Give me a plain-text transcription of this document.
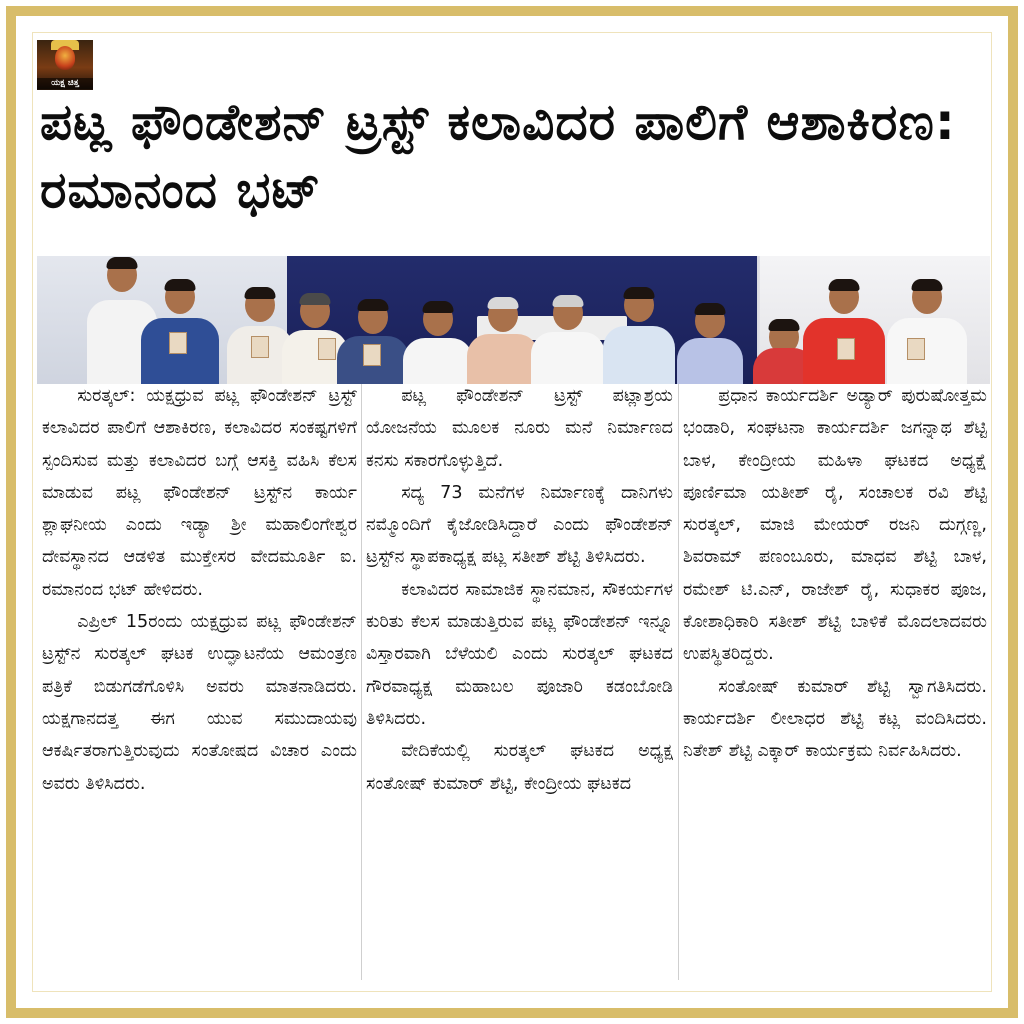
ಯಕ್ಷ ಚಿತ್ತ
ಪಟ್ಲ ಫೌಂಡೇಶನ್ ಟ್ರಸ್ಟ್ ಕಲಾವಿದರ ಪಾಲಿಗೆ ಆಶಾಕಿರಣ: ರಮಾನಂದ ಭಟ್

ಸುರತ್ಕಲ್: ಯಕ್ಷಧ್ರುವ ಪಟ್ಲ ಫೌಂಡೇಶನ್ ಟ್ರಸ್ಟ್ ಕಲಾವಿದರ ಪಾಲಿಗೆ ಆಶಾಕಿರಣ, ಕಲಾವಿದರ ಸಂಕಷ್ಟಗಳಿಗೆ ಸ್ಪಂದಿಸುವ ಮತ್ತು ಕಲಾವಿದರ ಬಗ್ಗೆ ಆಸಕ್ತಿ ವಹಿಸಿ ಕೆಲಸ ಮಾಡುವ ಪಟ್ಲ ಫೌಂಡೇಶನ್ ಟ್ರಸ್ಟ್‌ನ ಕಾರ್ಯ ಶ್ಲಾಘನೀಯ ಎಂದು ಇಡ್ಯಾ ಶ್ರೀ ಮಹಾಲಿಂಗೇಶ್ವರ ದೇವಸ್ಥಾನದ ಆಡಳಿತ ಮುಕ್ತೇಸರ ವೇದಮೂರ್ತಿ ಐ. ರಮಾನಂದ ಭಟ್ ಹೇಳಿದರು.

ಎಪ್ರಿಲ್ 15ರಂದು ಯಕ್ಷಧ್ರುವ ಪಟ್ಲ ಫೌಂಡೇಶನ್ ಟ್ರಸ್ಟ್‌ನ ಸುರತ್ಕಲ್ ಘಟಕ ಉದ್ಘಾಟನೆಯ ಆಮಂತ್ರಣ ಪತ್ರಿಕೆ ಬಿಡುಗಡೆಗೊಳಿಸಿ ಅವರು ಮಾತನಾಡಿದರು. ಯಕ್ಷಗಾನದತ್ತ ಈಗ ಯುವ ಸಮುದಾಯವು ಆಕರ್ಷಿತರಾಗುತ್ತಿರುವುದು ಸಂತೋಷದ ವಿಚಾರ ಎಂದು ಅವರು ತಿಳಿಸಿದರು.

ಪಟ್ಲ ಫೌಂಡೇಶನ್ ಟ್ರಸ್ಟ್ ಪಟ್ಲಾಶ್ರಯ ಯೋಜನೆಯ ಮೂಲಕ ನೂರು ಮನೆ ನಿರ್ಮಾಣದ ಕನಸು ಸಕಾರಗೊಳ್ಳುತ್ತಿದೆ.

ಸದ್ಯ 73 ಮನೆಗಳ ನಿರ್ಮಾಣಕ್ಕೆ ದಾನಿಗಳು ನಮ್ಮೊಂದಿಗೆ ಕೈಜೋಡಿಸಿದ್ದಾರೆ ಎಂದು ಫೌಂಡೇಶನ್ ಟ್ರಸ್ಟ್‌ನ ಸ್ಥಾಪಕಾಧ್ಯಕ್ಷ ಪಟ್ಲ ಸತೀಶ್ ಶೆಟ್ಟಿ ತಿಳಿಸಿದರು.

ಕಲಾವಿದರ ಸಾಮಾಜಿಕ ಸ್ಥಾನಮಾನ, ಸೌಕರ್ಯಗಳ ಕುರಿತು ಕೆಲಸ ಮಾಡುತ್ತಿರುವ ಪಟ್ಲ ಫೌಂಡೇಶನ್ ಇನ್ನೂ ವಿಸ್ತಾರವಾಗಿ ಬೆಳೆಯಲಿ ಎಂದು ಸುರತ್ಕಲ್ ಘಟಕದ ಗೌರವಾಧ್ಯಕ್ಷ ಮಹಾಬಲ ಪೂಜಾರಿ ಕಡಂಬೋಡಿ ತಿಳಿಸಿದರು.

ವೇದಿಕೆಯಲ್ಲಿ ಸುರತ್ಕಲ್ ಘಟಕದ ಅಧ್ಯಕ್ಷ ಸಂತೋಷ್ ಕುಮಾರ್ ಶೆಟ್ಟಿ, ಕೇಂದ್ರೀಯ ಘಟಕದ

ಪ್ರಧಾನ ಕಾರ್ಯದರ್ಶಿ ಅಡ್ಯಾರ್ ಪುರುಷೋತ್ತಮ ಭಂಡಾರಿ, ಸಂಘಟನಾ ಕಾರ್ಯದರ್ಶಿ ಜಗನ್ನಾಥ ಶೆಟ್ಟಿ ಬಾಳ, ಕೇಂದ್ರೀಯ ಮಹಿಳಾ ಘಟಕದ ಅಧ್ಯಕ್ಷೆ ಪೂರ್ಣಿಮಾ ಯತೀಶ್ ರೈ, ಸಂಚಾಲಕ ರವಿ ಶೆಟ್ಟಿ ಸುರತ್ಕಲ್, ಮಾಜಿ ಮೇಯರ್ ರಜನಿ ದುಗ್ಗಣ್ಣ, ಶಿವರಾಮ್ ಪಣಂಬೂರು, ಮಾಧವ ಶೆಟ್ಟಿ ಬಾಳ, ರಮೇಶ್ ಟಿ.ಎನ್, ರಾಜೇಶ್ ರೈ, ಸುಧಾಕರ ಪೂಜ, ಕೋಶಾಧಿಕಾರಿ ಸತೀಶ್ ಶೆಟ್ಟಿ ಬಾಳಿಕೆ ಮೊದಲಾದವರು ಉಪಸ್ಥಿತರಿದ್ದರು.

ಸಂತೋಷ್ ಕುಮಾರ್ ಶೆಟ್ಟಿ ಸ್ವಾಗತಿಸಿದರು. ಕಾರ್ಯದರ್ಶಿ ಲೀಲಾಧರ ಶೆಟ್ಟಿ ಕಟ್ಲ ವಂದಿಸಿದರು. ನಿತೇಶ್ ಶೆಟ್ಟಿ ಎಕ್ಕಾರ್ ಕಾರ್ಯಕ್ರಮ ನಿರ್ವಹಿಸಿದರು.
